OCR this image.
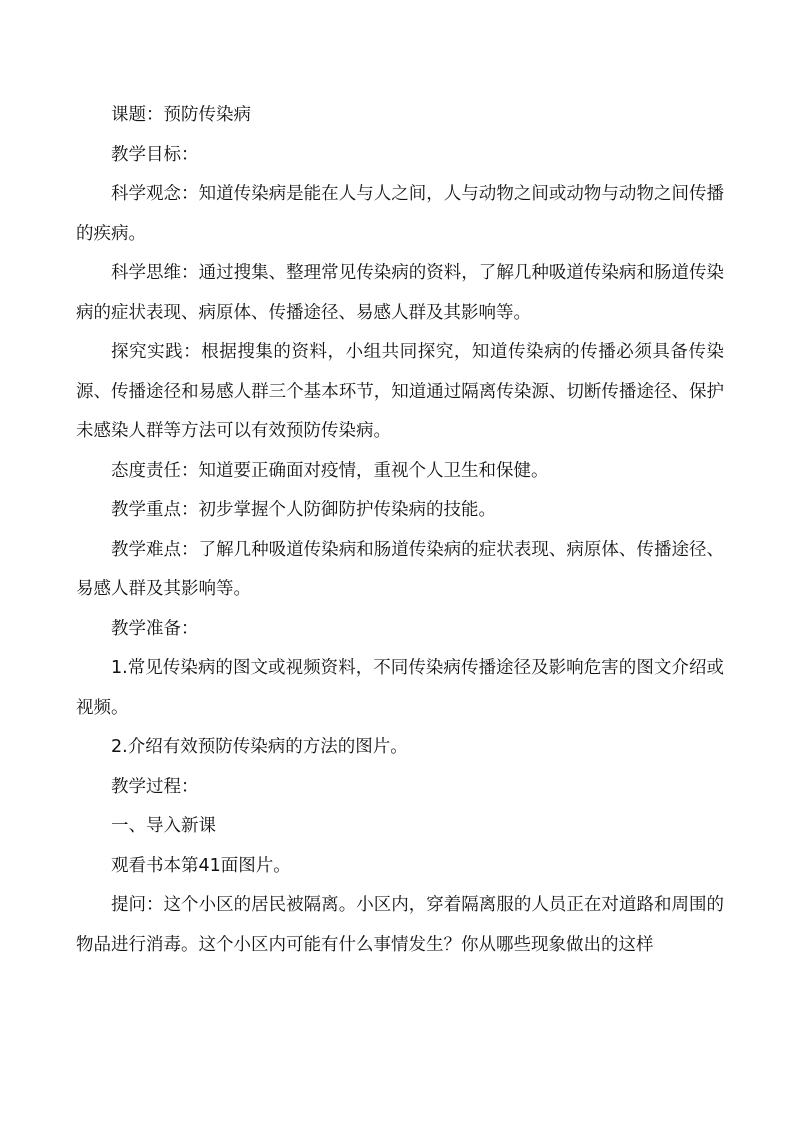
课题：预防传染病

教学目标：

科学观念：知道传染病是能在人与人之间，人与动物之间或动物与动物之间传播的疾病。

科学思维：通过搜集、整理常见传染病的资料，了解几种吸道传染病和肠道传染病的症状表现、病原体、传播途径、易感人群及其影响等。

探究实践：根据搜集的资料，小组共同探究，知道传染病的传播必须具备传染源、传播途径和易感人群三个基本环节，知道通过隔离传染源、切断传播途径、保护未感染人群等方法可以有效预防传染病。

态度责任：知道要正确面对疫情，重视个人卫生和保健。

教学重点：初步掌握个人防御防护传染病的技能。

教学难点：了解几种吸道传染病和肠道传染病的症状表现、病原体、传播途径、易感人群及其影响等。

教学准备：

1.常见传染病的图文或视频资料，不同传染病传播途径及影响危害的图文介绍或视频。

2.介绍有效预防传染病的方法的图片。

教学过程：

一、导入新课

观看书本第41面图片。

提问：这个小区的居民被隔离。小区内，穿着隔离服的人员正在对道路和周围的物品进行消毒。这个小区内可能有什么事情发生？你从哪些现象做出的这样
